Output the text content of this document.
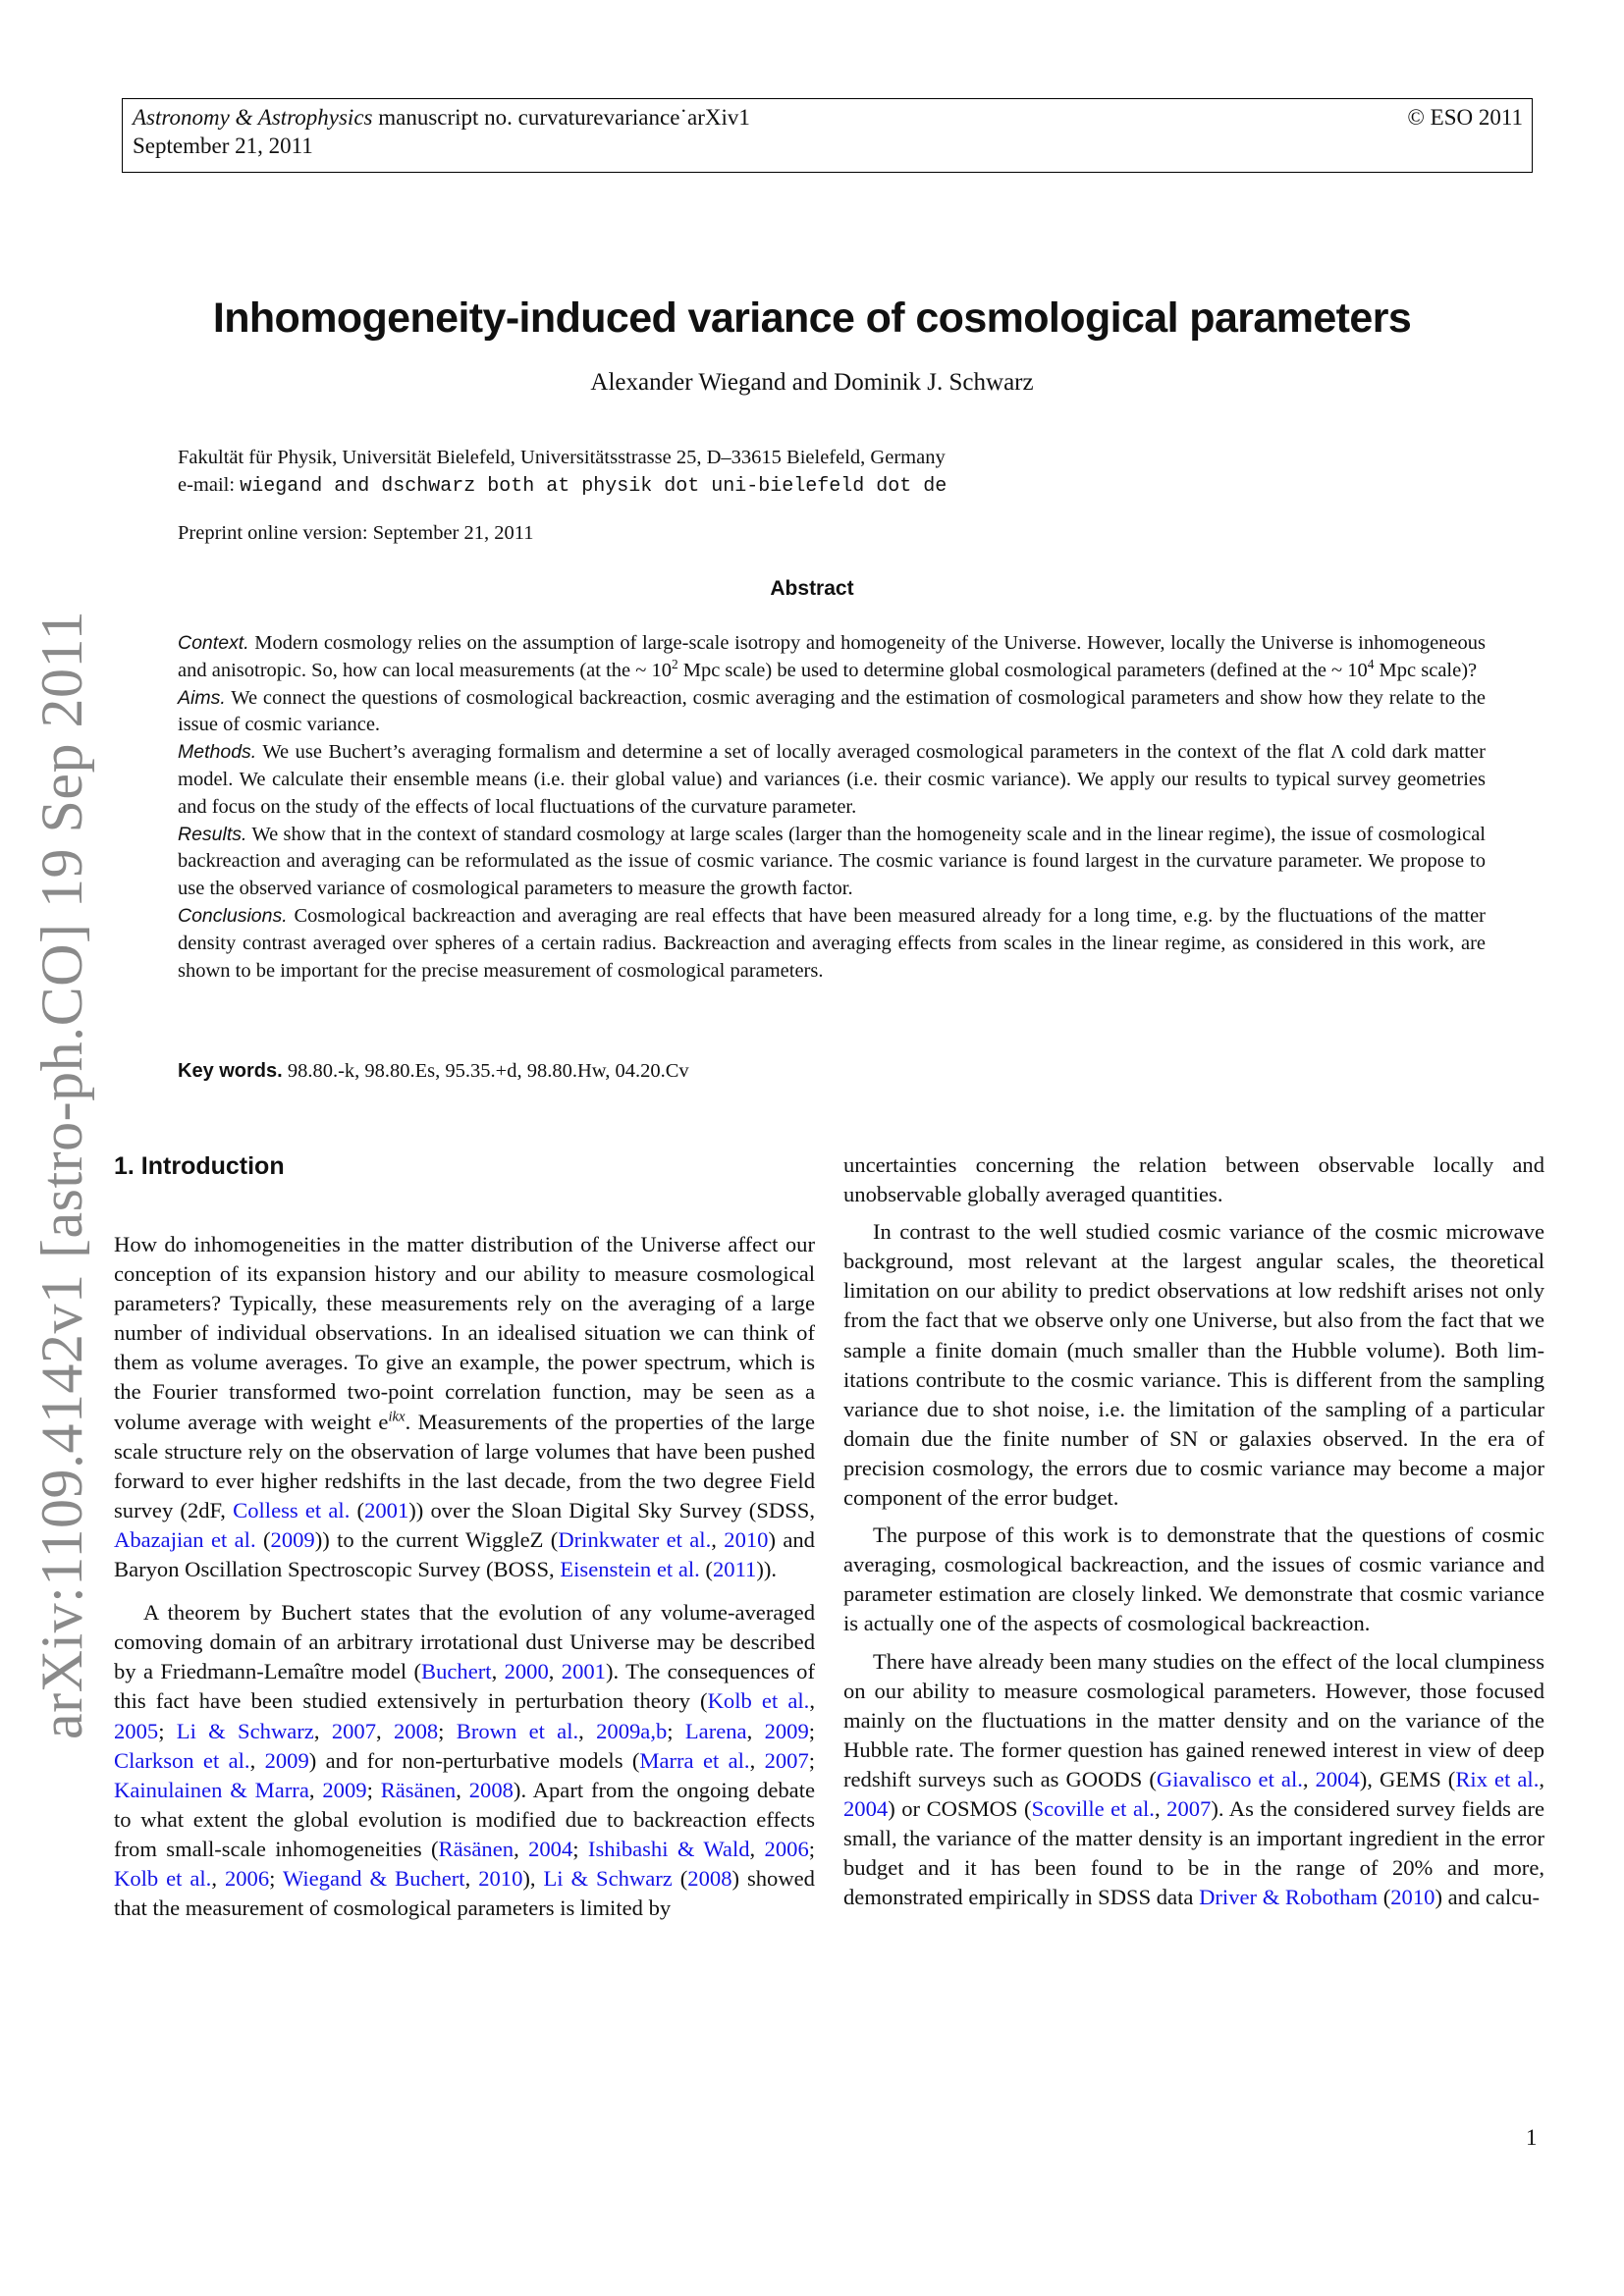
Astronomy & Astrophysics manuscript no. curvaturevariance˙arXiv1	© ESO 2011
September 21, 2011
arXiv:1109.4142v1 [astro-ph.CO] 19 Sep 2011
Inhomogeneity-induced variance of cosmological parameters
Alexander Wiegand and Dominik J. Schwarz
Fakultät für Physik, Universität Bielefeld, Universitätsstrasse 25, D–33615 Bielefeld, Germany
e-mail: wiegand and dschwarz both at physik dot uni-bielefeld dot de
Preprint online version: September 21, 2011
Abstract

Context. Modern cosmology relies on the assumption of large-scale isotropy and homogeneity of the Universe. However, locally the Universe is inhomogeneous and anisotropic. So, how can local measurements (at the ~ $10^2$ Mpc scale) be used to determine global cosmological parameters (defined at the ~ $10^4$ Mpc scale)?

Aims. We connect the questions of cosmological backreaction, cosmic averaging and the estimation of cosmological parameters and show how they relate to the issue of cosmic variance.

Methods. We use Buchert’s averaging formalism and determine a set of locally averaged cosmological parameters in the context of the flat Λ cold dark matter model. We calculate their ensemble means (i.e. their global value) and variances (i.e. their cosmic variance). We apply our results to typical survey geometries and focus on the study of the effects of local fluctuations of the curvature parameter.

Results. We show that in the context of standard cosmology at large scales (larger than the homogeneity scale and in the linear regime), the issue of cosmological backreaction and averaging can be reformulated as the issue of cosmic variance. The cosmic variance is found largest in the curvature parameter. We propose to use the observed variance of cosmological parameters to measure the growth factor.

Conclusions. Cosmological backreaction and averaging are real effects that have been measured already for a long time, e.g. by the fluctuations of the matter density contrast averaged over spheres of a certain radius. Backreaction and averaging effects from scales in the linear regime, as considered in this work, are shown to be important for the precise measurement of cosmological parameters.

Key words. 98.80.-k, 98.80.Es, 95.35.+d, 98.80.Hw, 04.20.Cv
1. Introduction

How do inhomogeneities in the matter distribution of the Universe affect our conception of its expansion history and our ability to measure cosmological parameters? Typically, these measurements rely on the averaging of a large number of individual observations. In an idealised situation we can think of them as volume averages. To give an example, the power spectrum, which is the Fourier transformed two-point correlation function, may be seen as a volume average with weight $e^{ikx}$. Measurements of the properties of the large scale structure rely on the observation of large volumes that have been pushed forward to ever higher redshifts in the last decade, from the two degree Field survey (2dF, Colless et al. (2001)) over the Sloan Digital Sky Survey (SDSS, Abazajian et al. (2009)) to the current WiggleZ (Drinkwater et al., 2010) and Baryon Oscillation Spectroscopic Survey (BOSS, Eisenstein et al. (2011)).

A theorem by Buchert states that the evolution of any volume-averaged comoving domain of an arbitrary irrotational dust Universe may be described by a Friedmann-Lemaître model (Buchert, 2000, 2001). The consequences of this fact have been studied extensively in perturbation theory (Kolb et al., 2005; Li & Schwarz, 2007, 2008; Brown et al., 2009a,b; Larena, 2009; Clarkson et al., 2009) and for non-perturbative models (Marra et al., 2007; Kainulainen & Marra, 2009; Räsänen, 2008). Apart from the ongoing debate to what extent the global evolution is modified due to backreaction effects from small-scale inhomogeneities (Räsänen, 2004; Ishibashi & Wald, 2006; Kolb et al., 2006; Wiegand & Buchert, 2010), Li & Schwarz (2008) showed that the measurement of cosmological parameters is limited by

uncertainties concerning the relation between observable locally and unobservable globally averaged quantities.

In contrast to the well studied cosmic variance of the cosmic microwave background, most relevant at the largest angular scales, the theoretical limitation on our ability to predict observations at low redshift arises not only from the fact that we observe only one Universe, but also from the fact that we sample a finite domain (much smaller than the Hubble volume). Both limitations contribute to the cosmic variance. This is different from the sampling variance due to shot noise, i.e. the limitation of the sampling of a particular domain due the finite number of SN or galaxies observed. In the era of precision cosmology, the errors due to cosmic variance may become a major component of the error budget.

The purpose of this work is to demonstrate that the questions of cosmic averaging, cosmological backreaction, and the issues of cosmic variance and parameter estimation are closely linked. We demonstrate that cosmic variance is actually one of the aspects of cosmological backreaction.

There have already been many studies on the effect of the local clumpiness on our ability to measure cosmological parameters. However, those focused mainly on the fluctuations in the matter density and on the variance of the Hubble rate. The former question has gained renewed interest in view of deep redshift surveys such as GOODS (Giavalisco et al., 2004), GEMS (Rix et al., 2004) or COSMOS (Scoville et al., 2007). As the considered survey fields are small, the variance of the matter density is an important ingredient in the error budget and it has been found to be in the range of 20% and more, demonstrated empirically in SDSS data Driver & Robotham (2010) and calcu-

1
